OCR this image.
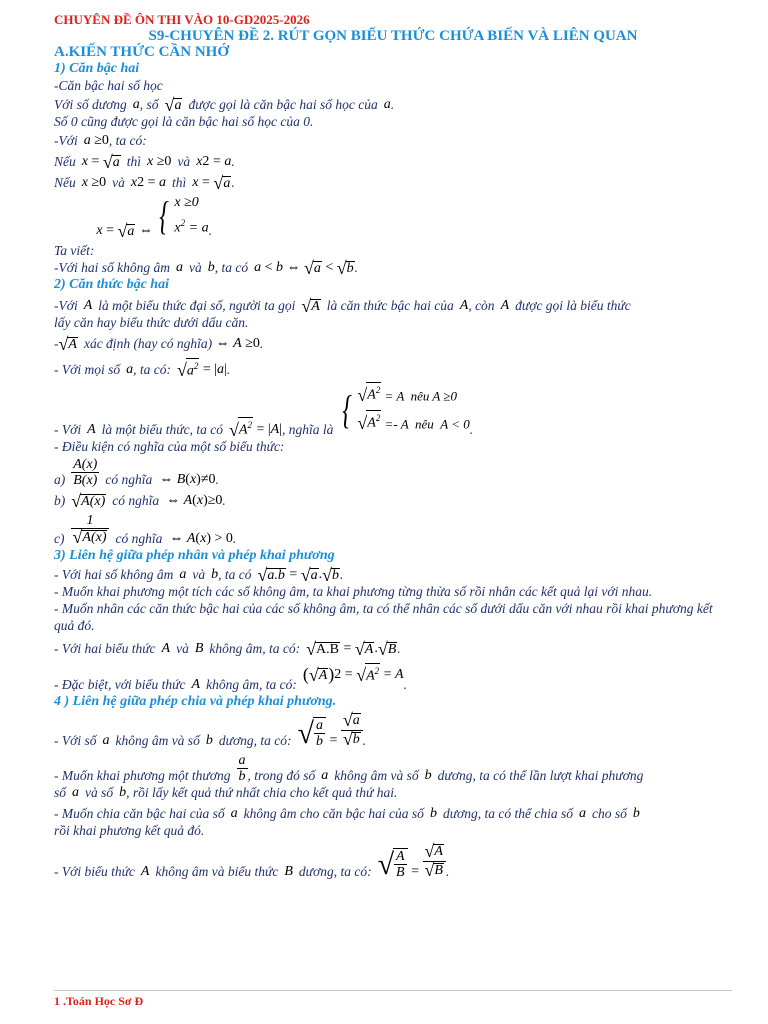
CHUYÊN ĐỀ ÔN THI VÀO 10-GD2025-2026
S9-CHUYÊN ĐỀ 2. RÚT GỌN BIỂU THỨC CHỨA BIẾN VÀ LIÊN QUAN
A.KIẾN THỨC CẦN NHỚ
1) Căn bậc hai
-Căn bậc hai số học
Với số dương a , số √ a được gọi là căn bậc hai số học của a .
Số 0 cũng được gọi là căn bậc hai số học của 0.
-Với a ≥0 , ta có:
Nếu x = √ a thì x ≥0 và x 2 = a .
Nếu x ≥0 và x 2 = a thì x = √ a .
Ta viết:
x = √ a ⇔ { x ≥0
$x^2 = a$ .
-Với hai số không âm a và b , ta có a < b ⇔ √ a < √ b .
2) Căn thức bậc hai
-Với A là một biểu thức đại số, người ta gọi √ A là căn thức bậc hai của A , còn A được gọi là biểu thức
lấy căn hay biểu thức dưới dấu căn.
- √ A xác định (hay có nghĩa) ⇔ A ≥0 .
- Với mọi số a , ta có: √ $a^2$ = | a | .
- Với A là một biểu thức, ta có √ $A^2$ = | A | , nghĩa là { √ $A^2 = A$ nêu A ≥0
√ $A^2 =- A$ nêu A < 0 .
- Điều kiện có nghĩa của một số biểu thức:
$a) \frac{A(x)}{B(x)}$ có nghĩa ⇔ B ( x )≠0 .
b) √ A(x) có nghĩa ⇔ A ( x )≥0 .
$c) \frac{1}{√ A(x)}$ có nghĩa ⇔ A ( x ) > 0 .
3) Liên hệ giữa phép nhân và phép khai phương
- Với hai số không âm a và b , ta có √ a.b = √ a . √ b .
- Muốn khai phương một tích các số không âm, ta khai phương từng thừa số rồi nhân các kết quả lại với nhau.
- Muốn nhân các căn thức bậc hai của các số không âm, ta có thể nhân các số dưới dấu căn với nhau rồi khai phương kết quả đó.
- Với hai biểu thức A và B không âm, ta có: √ A.B = √ A . √ B .
- Đặc biệt, với biểu thức A không âm, ta có:
( √ A ) 2 = √ $A^2 = A$
.
4 ) Liên hệ giữa phép chia và phép khai phương.
- Với số a không âm và số b dương, ta có: √ $\frac{a}{b} = \frac{√ a}{√ b}$ .
- Muốn khai phương một thương $\frac{a}{b}$ , trong đó số a không âm và số b dương, ta có thể lần lượt khai phương
số a và số b , rồi lấy kết quả thứ nhất chia cho kết quả thứ hai.
- Muốn chia căn bậc hai của số a không âm cho căn bậc hai của số b dương, ta có thể chia số a cho số b
rồi khai phương kết quả đó.
- Với biểu thức A không âm và biểu thức B dương, ta có: √ $\frac{A}{B} = \frac{√ A}{√ B}$ .
1 .Toán Học Sơ Đ
